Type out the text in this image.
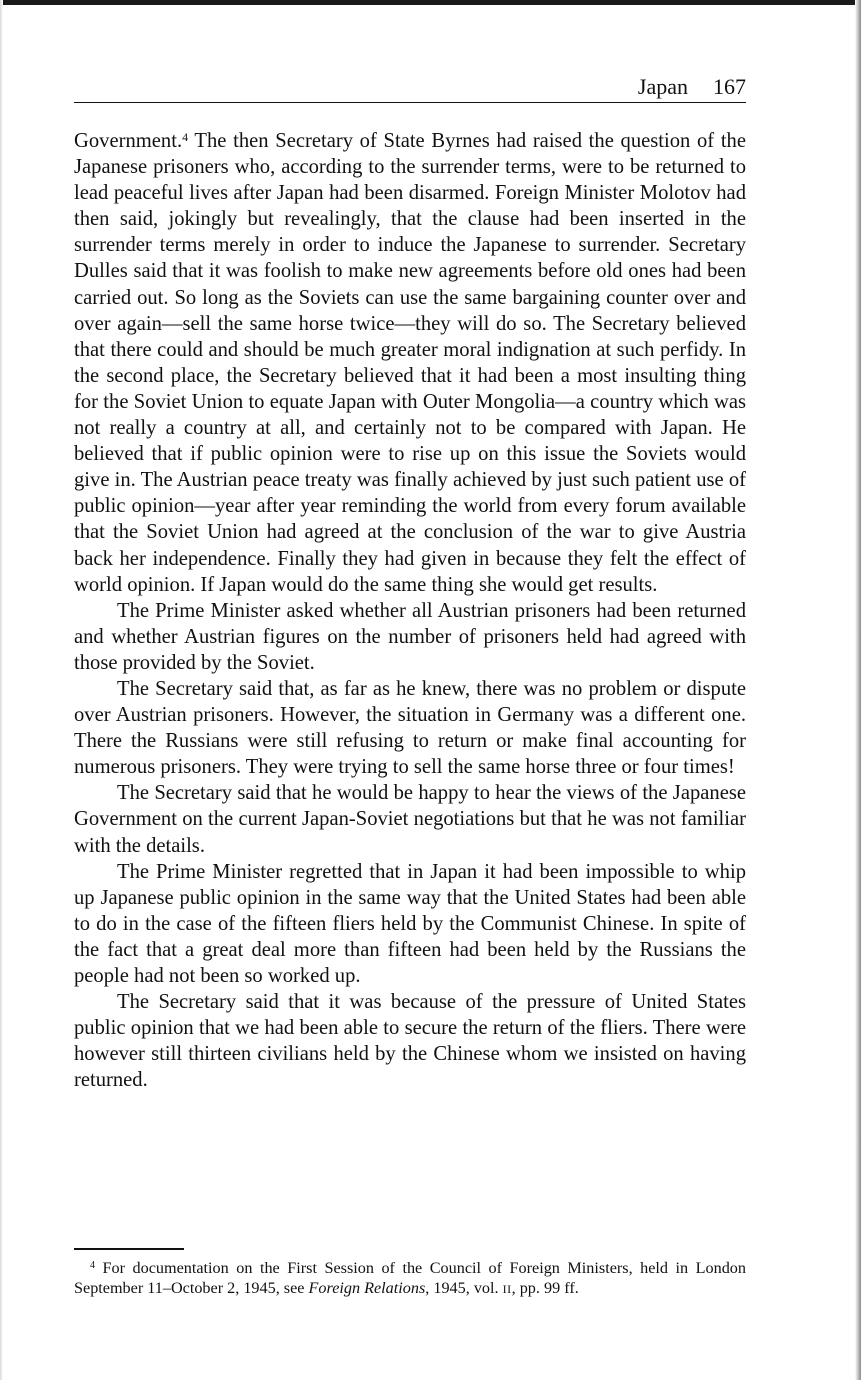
Japan 167

Government.$^4$ The then Secretary of State Byrnes had raised the question of the Japanese prisoners who, according to the surrender terms, were to be returned to lead peaceful lives after Japan had been disarmed. Foreign Minister Molotov had then said, jokingly but revealingly, that the clause had been inserted in the surrender terms merely in order to induce the Japanese to surrender. Secretary Dulles said that it was foolish to make new agreements before old ones had been carried out. So long as the Soviets can use the same bargaining counter over and over again—sell the same horse twice—they will do so. The Secretary believed that there could and should be much greater moral indignation at such perfidy. In the second place, the Secretary believed that it had been a most insulting thing for the Soviet Union to equate Japan with Outer Mongolia—a country which was not really a country at all, and certainly not to be compared with Japan. He believed that if public opinion were to rise up on this issue the Soviets would give in. The Austrian peace treaty was finally achieved by just such patient use of public opinion—year after year reminding the world from every forum available that the Soviet Union had agreed at the conclusion of the war to give Austria back her independence. Finally they had given in because they felt the effect of world opinion. If Japan would do the same thing she would get results.

The Prime Minister asked whether all Austrian prisoners had been returned and whether Austrian figures on the number of prisoners held had agreed with those provided by the Soviet.

The Secretary said that, as far as he knew, there was no problem or dispute over Austrian prisoners. However, the situation in Germany was a different one. There the Russians were still refusing to return or make final accounting for numerous prisoners. They were trying to sell the same horse three or four times!

The Secretary said that he would be happy to hear the views of the Japanese Government on the current Japan-Soviet negotiations but that he was not familiar with the details.

The Prime Minister regretted that in Japan it had been impossible to whip up Japanese public opinion in the same way that the United States had been able to do in the case of the fifteen fliers held by the Communist Chinese. In spite of the fact that a great deal more than fifteen had been held by the Russians the people had not been so worked up.

The Secretary said that it was because of the pressure of United States public opinion that we had been able to secure the return of the fliers. There were however still thirteen civilians held by the Chinese whom we insisted on having returned.

$^4$ For documentation on the First Session of the Council of Foreign Ministers, held in London September 11–October 2, 1945, see Foreign Relations, 1945, vol. II, pp. 99 ff.
